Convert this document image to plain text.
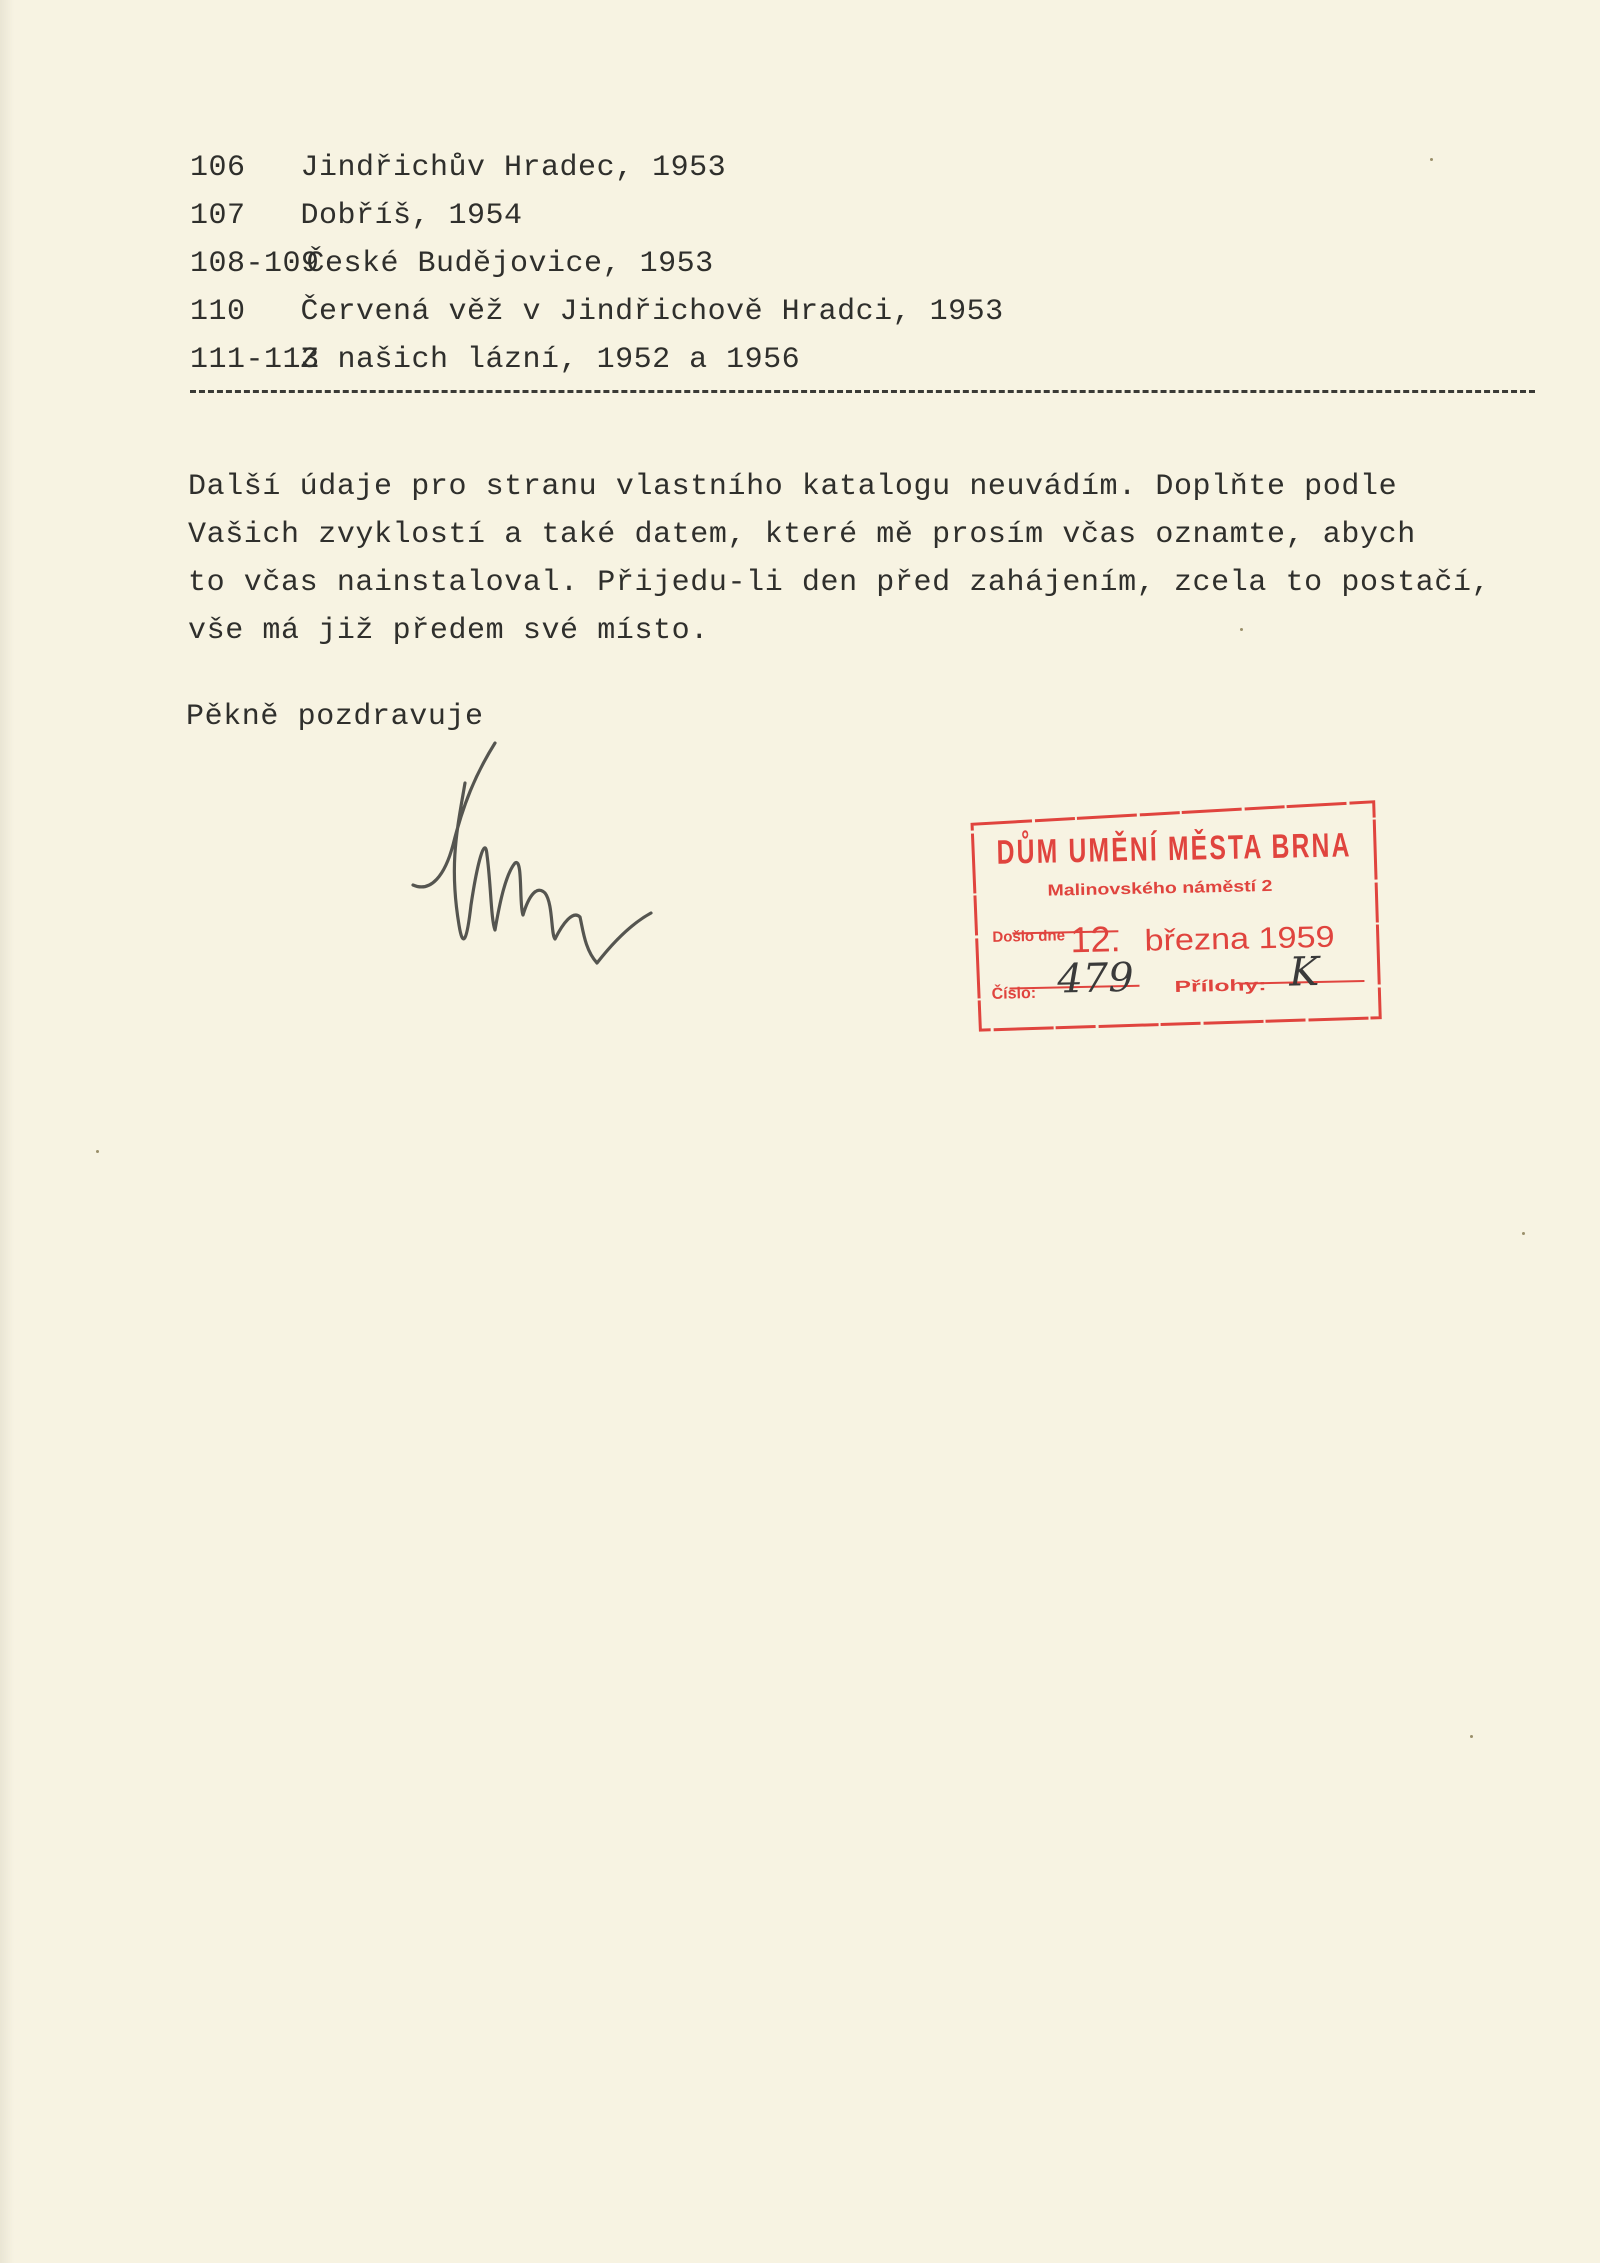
106 Jindřichův Hradec, 1953
107 Dobříš, 1954
108-109 České Budějovice, 1953
110 Červená věž v Jindřichově Hradci, 1953
111-113 Z našich lázní, 1952 a 1956
Další údaje pro stranu vlastního katalogu neuvádím. Doplňte podle
Vašich zvyklostí a také datem, které mě prosím včas oznamte, abych
to včas nainstaloval. Přijedu-li den před zahájením, zcela to postačí,
vše má již předem své místo.
Pěkně pozdravuje
DŮM UMĚNÍ MĚSTA BRNA
Malinovského náměstí 2
Došlo dne 12. března 1959
Číslo:	Přílohy:
479	K
